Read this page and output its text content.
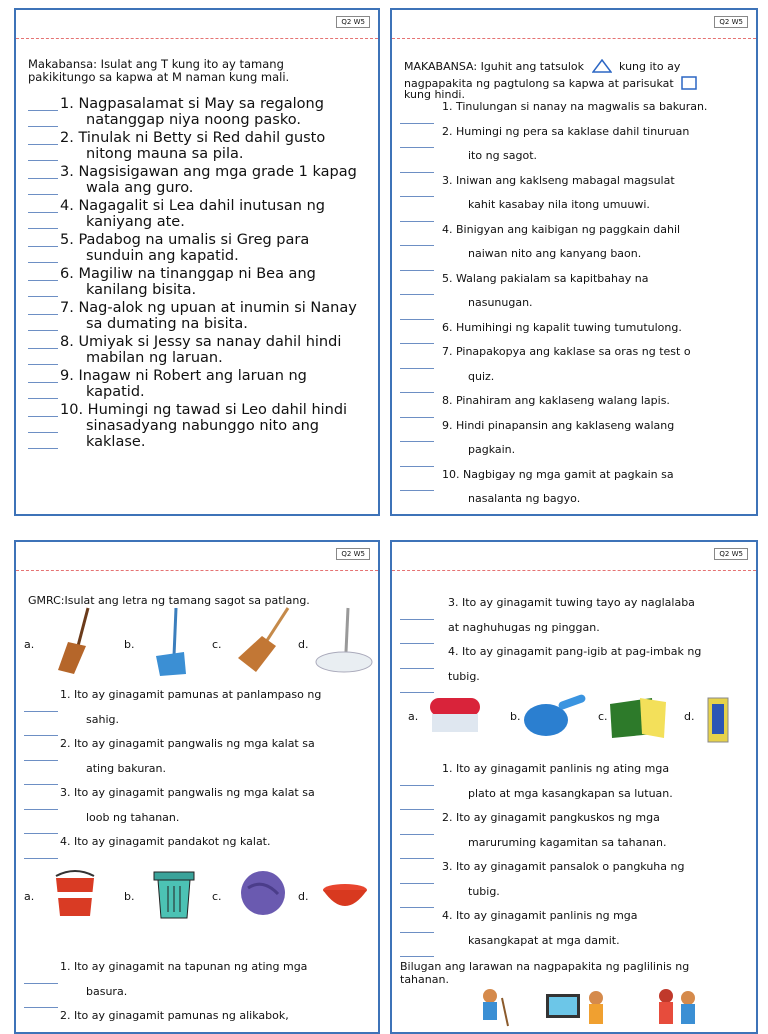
Q2 W5
Makabansa: Isulat ang T kung ito ay tamang
pakikitungo sa kapwa at M naman kung mali.
1. Nagpasalamat si May sa regalong
natanggap niya noong pasko.
2. Tinulak ni Betty si Red dahil gusto
nitong mauna sa pila.
3. Nagsisigawan ang mga grade 1 kapag
wala ang guro.
4. Nagagalit si Lea dahil inutusan ng
kaniyang ate.
5. Padabog na umalis si Greg para
sunduin ang kapatid.
6. Magiliw na tinanggap ni Bea ang
kanilang bisita.
7. Nag-alok ng upuan at inumin si Nanay
sa dumating na bisita.
8. Umiyak si Jessy sa nanay dahil hindi
mabilan ng laruan.
9. Inagaw ni Robert ang laruan ng
kapatid.
10. Humingi ng tawad si Leo dahil hindi
sinasadyang nabunggo nito ang
kaklase.
Q2 W5
MAKABANSA: Iguhit ang tatsulok	kung ito ay
nagpapakita ng pagtulong sa kapwa at parisukat
kung hindi.
1. Tinulungan si nanay na magwalis sa bakuran.
2. Humingi ng pera sa kaklase dahil tinuruan
ito ng sagot.
3. Iniwan ang kaklseng mabagal magsulat
kahit kasabay nila itong umuuwi.
4. Binigyan ang kaibigan ng paggkain dahil
naiwan nito ang kanyang baon.
5. Walang pakialam sa kapitbahay na
nasunugan.
6. Humihingi ng kapalit tuwing tumutulong.
7. Pinapakopya ang kaklase sa oras ng test o
quiz.
8. Pinahiram ang kaklaseng walang lapis.
9. Hindi pinapansin ang kaklaseng walang
pagkain.
10. Nagbigay ng mga gamit at pagkain sa
nasalanta ng bagyo.
Q2 W5
GMRC:Isulat ang letra ng tamang sagot sa patlang.
a.	b.	c.	d.
1. Ito ay ginagamit pamunas at panlampaso ng
sahig.
2. Ito ay ginagamit pangwalis ng mga kalat sa
ating bakuran.
3. Ito ay ginagamit pangwalis ng mga kalat sa
loob ng tahanan.
4. Ito ay ginagamit pandakot ng kalat.
a.	b.	c.	d.
1. Ito ay ginagamit na tapunan ng ating mga
basura.
2. Ito ay ginagamit pamunas ng alikabok,
Q2 W5
3. Ito ay ginagamit tuwing tayo ay naglalaba
at naghuhugas ng pinggan.
4. Ito ay ginagamit pang-igib at pag-imbak ng
tubig.
a.	b.	c.	d.
1. Ito ay ginagamit panlinis ng ating mga
plato at mga kasangkapan sa lutuan.
2. Ito ay ginagamit pangkuskos ng mga
maruruming kagamitan sa tahanan.
3. Ito ay ginagamit pansalok o pangkuha ng
tubig.
4. Ito ay ginagamit panlinis ng mga
kasangkapat at mga damit.
Bilugan ang larawan na nagpapakita ng paglilinis ng
tahanan.
